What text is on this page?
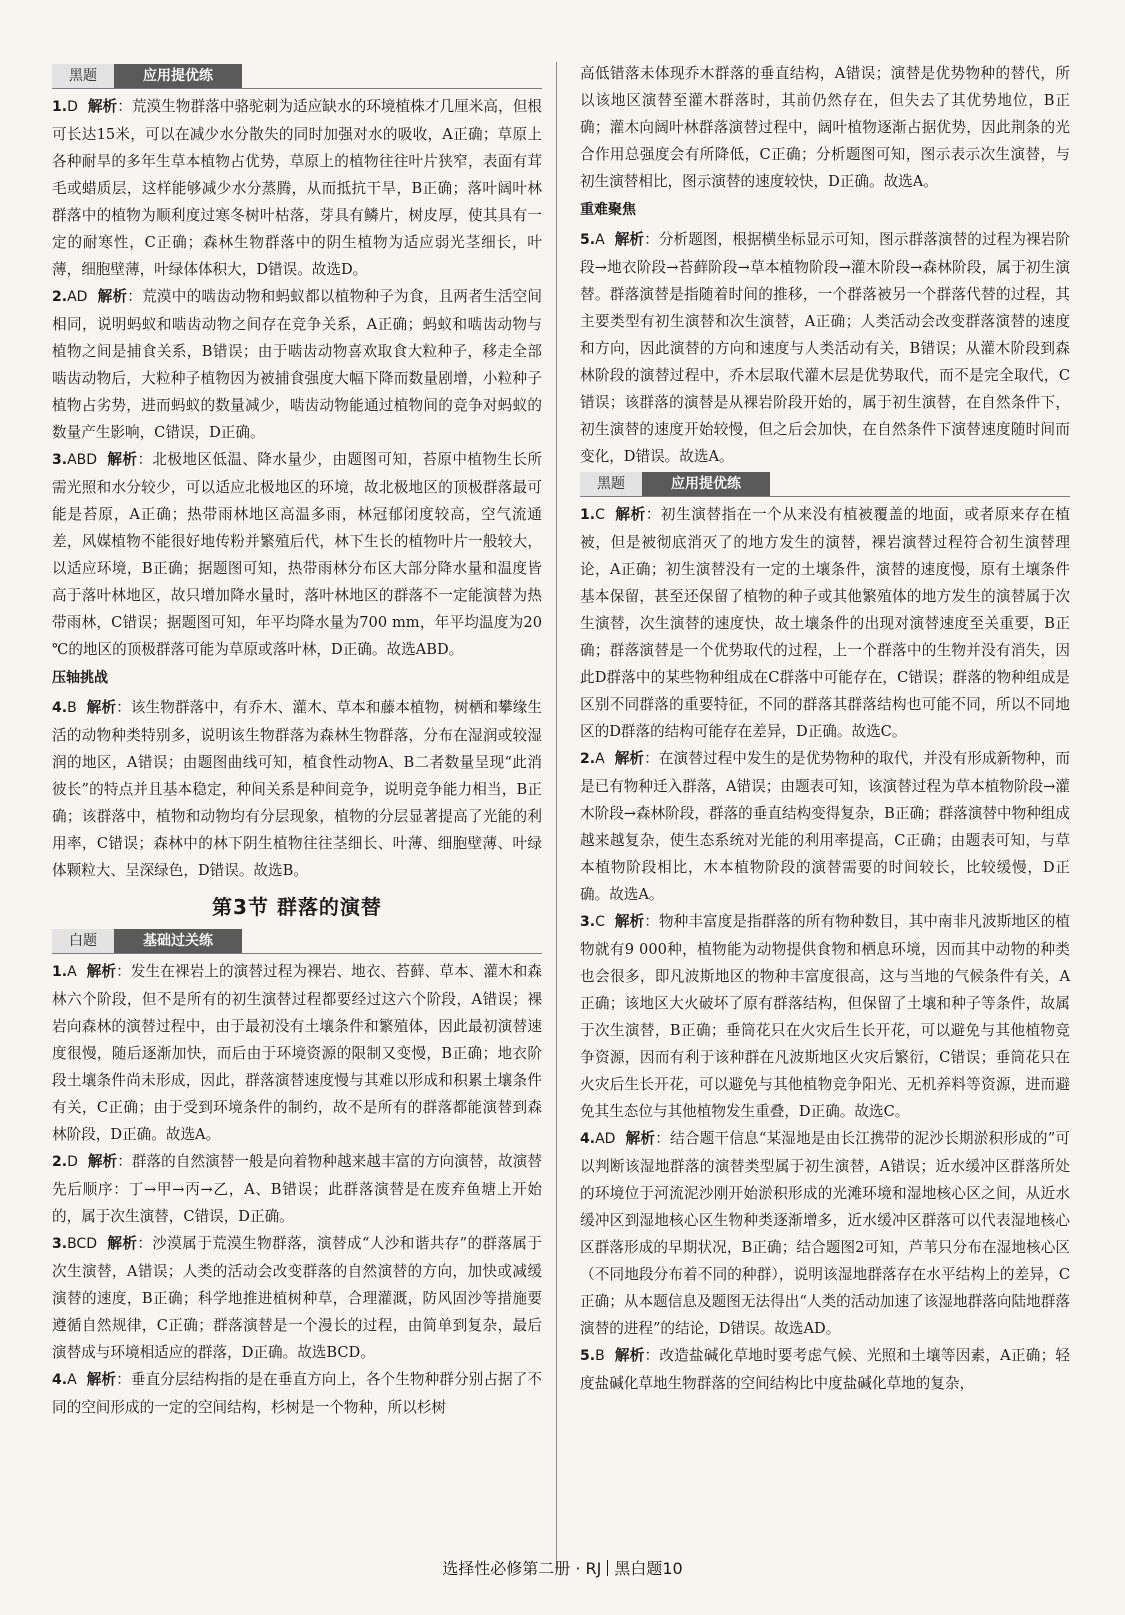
黑题	应用提优练

1.D 解析：荒漠生物群落中骆驼刺为适应缺水的环境植株才几厘米高，但根可长达15米，可以在减少水分散失的同时加强对水的吸收，A正确；草原上各种耐旱的多年生草本植物占优势，草原上的植物往往叶片狭窄，表面有茸毛或蜡质层，这样能够减少水分蒸腾，从而抵抗干旱，B正确；落叶阔叶林群落中的植物为顺利度过寒冬树叶枯落，芽具有鳞片，树皮厚，使其具有一定的耐寒性，C正确；森林生物群落中的阴生植物为适应弱光茎细长，叶薄，细胞壁薄，叶绿体体积大，D错误。故选D。

2.AD 解析：荒漠中的啮齿动物和蚂蚁都以植物种子为食，且两者生活空间相同，说明蚂蚁和啮齿动物之间存在竞争关系，A正确；蚂蚁和啮齿动物与植物之间是捕食关系，B错误；由于啮齿动物喜欢取食大粒种子，移走全部啮齿动物后，大粒种子植物因为被捕食强度大幅下降而数量剧增，小粒种子植物占劣势，进而蚂蚁的数量减少，啮齿动物能通过植物间的竞争对蚂蚁的数量产生影响，C错误，D正确。

3.ABD 解析：北极地区低温、降水量少，由题图可知，苔原中植物生长所需光照和水分较少，可以适应北极地区的环境，故北极地区的顶极群落最可能是苔原，A正确；热带雨林地区高温多雨，林冠郁闭度较高，空气流通差，风媒植物不能很好地传粉并繁殖后代，林下生长的植物叶片一般较大，以适应环境，B正确；据题图可知，热带雨林分布区大部分降水量和温度皆高于落叶林地区，故只增加降水量时，落叶林地区的群落不一定能演替为热带雨林，C错误；据题图可知，年平均降水量为700 mm，年平均温度为20 ℃的地区的顶极群落可能为草原或落叶林，D正确。故选ABD。

压轴挑战

4.B 解析：该生物群落中，有乔木、灌木、草本和藤本植物，树栖和攀缘生活的动物种类特别多，说明该生物群落为森林生物群落，分布在湿润或较湿润的地区，A错误；由题图曲线可知，植食性动物A、B二者数量呈现“此消彼长”的特点并且基本稳定，种间关系是种间竞争，说明竞争能力相当，B正确；该群落中，植物和动物均有分层现象，植物的分层显著提高了光能的利用率，C错误；森林中的林下阴生植物往往茎细长、叶薄、细胞壁薄、叶绿体颗粒大、呈深绿色，D错误。故选B。

第3节 群落的演替
白题	基础过关练

1.A 解析：发生在裸岩上的演替过程为裸岩、地衣、苔藓、草本、灌木和森林六个阶段，但不是所有的初生演替过程都要经过这六个阶段，A错误；裸岩向森林的演替过程中，由于最初没有土壤条件和繁殖体，因此最初演替速度很慢，随后逐渐加快，而后由于环境资源的限制又变慢，B正确；地衣阶段土壤条件尚未形成，因此，群落演替速度慢与其难以形成和积累土壤条件有关，C正确；由于受到环境条件的制约，故不是所有的群落都能演替到森林阶段，D正确。故选A。

2.D 解析：群落的自然演替一般是向着物种越来越丰富的方向演替，故演替先后顺序：丁→甲→丙→乙，A、B错误；此群落演替是在废弃鱼塘上开始的，属于次生演替，C错误，D正确。

3.BCD 解析：沙漠属于荒漠生物群落，演替成“人沙和谐共存”的群落属于次生演替，A错误；人类的活动会改变群落的自然演替的方向，加快或减缓演替的速度，B正确；科学地推进植树种草，合理灌溉，防风固沙等措施要遵循自然规律，C正确；群落演替是一个漫长的过程，由简单到复杂，最后演替成与环境相适应的群落，D正确。故选BCD。

4.A 解析：垂直分层结构指的是在垂直方向上，各个生物种群分别占据了不同的空间形成的一定的空间结构，杉树是一个物种，所以杉树

高低错落未体现乔木群落的垂直结构，A错误；演替是优势物种的替代，所以该地区演替至灌木群落时，其前仍然存在，但失去了其优势地位，B正确；灌木向阔叶林群落演替过程中，阔叶植物逐渐占据优势，因此荆条的光合作用总强度会有所降低，C正确；分析题图可知，图示表示次生演替，与初生演替相比，图示演替的速度较快，D正确。故选A。

重难聚焦

5.A 解析：分析题图，根据横坐标显示可知，图示群落演替的过程为裸岩阶段→地衣阶段→苔藓阶段→草本植物阶段→灌木阶段→森林阶段，属于初生演替。群落演替是指随着时间的推移，一个群落被另一个群落代替的过程，其主要类型有初生演替和次生演替，A正确；人类活动会改变群落演替的速度和方向，因此演替的方向和速度与人类活动有关，B错误；从灌木阶段到森林阶段的演替过程中，乔木层取代灌木层是优势取代，而不是完全取代，C错误；该群落的演替是从裸岩阶段开始的，属于初生演替，在自然条件下，初生演替的速度开始较慢，但之后会加快，在自然条件下演替速度随时间而变化，D错误。故选A。

黑题	应用提优练

1.C 解析：初生演替指在一个从来没有植被覆盖的地面，或者原来存在植被，但是被彻底消灭了的地方发生的演替，裸岩演替过程符合初生演替理论，A正确；初生演替没有一定的土壤条件，演替的速度慢，原有土壤条件基本保留，甚至还保留了植物的种子或其他繁殖体的地方发生的演替属于次生演替，次生演替的速度快，故土壤条件的出现对演替速度至关重要，B正确；群落演替是一个优势取代的过程，上一个群落中的生物并没有消失，因此D群落中的某些物种组成在C群落中可能存在，C错误；群落的物种组成是区别不同群落的重要特征，不同的群落其群落结构也可能不同，所以不同地区的D群落的结构可能存在差异，D正确。故选C。

2.A 解析：在演替过程中发生的是优势物种的取代，并没有形成新物种，而是已有物种迁入群落，A错误；由题表可知，该演替过程为草本植物阶段→灌木阶段→森林阶段，群落的垂直结构变得复杂，B正确；群落演替中物种组成越来越复杂，使生态系统对光能的利用率提高，C正确；由题表可知，与草本植物阶段相比，木本植物阶段的演替需要的时间较长，比较缓慢，D正确。故选A。

3.C 解析：物种丰富度是指群落的所有物种数目，其中南非凡波斯地区的植物就有9 000种，植物能为动物提供食物和栖息环境，因而其中动物的种类也会很多，即凡波斯地区的物种丰富度很高，这与当地的气候条件有关，A正确；该地区大火破坏了原有群落结构，但保留了土壤和种子等条件，故属于次生演替，B正确；垂筒花只在火灾后生长开花，可以避免与其他植物竞争资源，因而有利于该种群在凡波斯地区火灾后繁衍，C错误；垂筒花只在火灾后生长开花，可以避免与其他植物竞争阳光、无机养料等资源，进而避免其生态位与其他植物发生重叠，D正确。故选C。

4.AD 解析：结合题干信息“某湿地是由长江携带的泥沙长期淤积形成的”可以判断该湿地群落的演替类型属于初生演替，A错误；近水缓冲区群落所处的环境位于河流泥沙刚开始淤积形成的光滩环境和湿地核心区之间，从近水缓冲区到湿地核心区生物种类逐渐增多，近水缓冲区群落可以代表湿地核心区群落形成的早期状况，B正确；结合题图2可知，芦苇只分布在湿地核心区（不同地段分布着不同的种群），说明该湿地群落存在水平结构上的差异，C正确；从本题信息及题图无法得出“人类的活动加速了该湿地群落向陆地群落演替的进程”的结论，D错误。故选AD。

5.B 解析：改造盐碱化草地时要考虑气候、光照和土壤等因素，A正确；轻度盐碱化草地生物群落的空间结构比中度盐碱化草地的复杂，

选择性必修第二册 · RJ 黑白题10
